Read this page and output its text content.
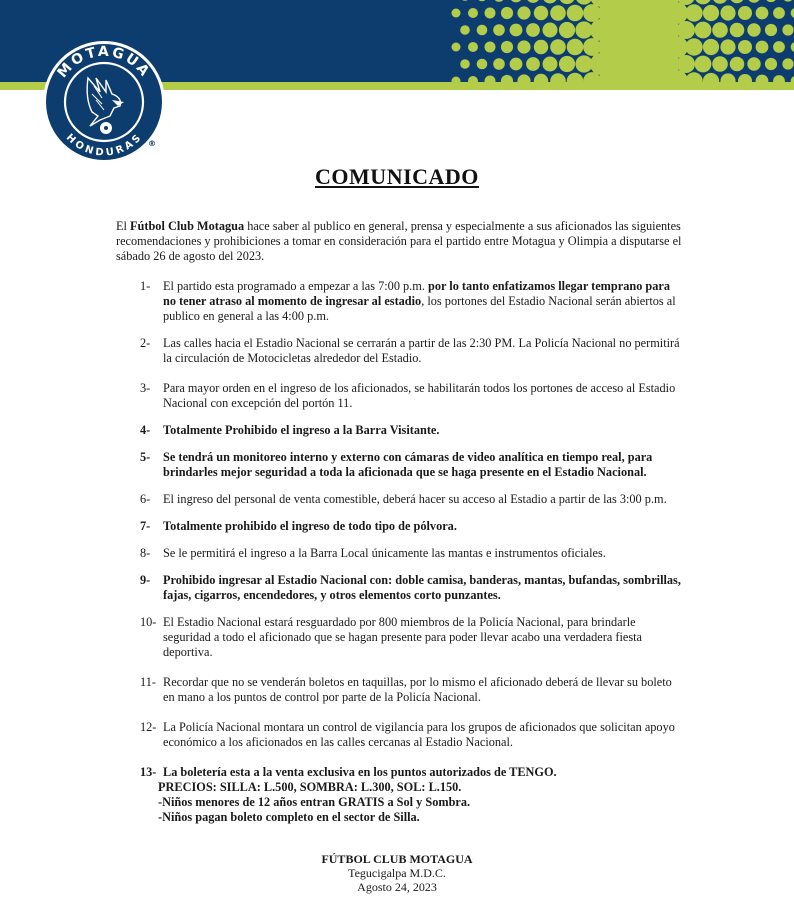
MOTAGUA
HONDURAS ®
COMUNICADO

El Fútbol Club Motagua hace saber al publico en general, prensa y especialmente a sus aficionados las siguientes recomendaciones y prohibiciones a tomar en consideración para el partido entre Motagua y Olimpia a disputarse el sábado 26 de agosto del 2023.

1- El partido esta programado a empezar a las 7:00 p.m. por lo tanto enfatizamos llegar temprano para no tener atraso al momento de ingresar al estadio, los portones del Estadio Nacional serán abiertos al publico en general a las 4:00 p.m.
2- Las calles hacia el Estadio Nacional se cerrarán a partir de las 2:30 PM. La Policía Nacional no permitirá la circulación de Motocicletas alrededor del Estadio.
3- Para mayor orden en el ingreso de los aficionados, se habilitarán todos los portones de acceso al Estadio Nacional con excepción del portón 11.
4- Totalmente Prohibido el ingreso a la Barra Visitante.
5- Se tendrá un monitoreo interno y externo con cámaras de video analítica en tiempo real, para brindarles mejor seguridad a toda la aficionada que se haga presente en el Estadio Nacional.
6- El ingreso del personal de venta comestible, deberá hacer su acceso al Estadio a partir de las 3:00 p.m.
7- Totalmente prohibido el ingreso de todo tipo de pólvora.
8- Se le permitirá el ingreso a la Barra Local únicamente las mantas e instrumentos oficiales.
9- Prohibido ingresar al Estadio Nacional con: doble camisa, banderas, mantas, bufandas, sombrillas, fajas, cigarros, encendedores, y otros elementos corto punzantes.
10- El Estadio Nacional estará resguardado por 800 miembros de la Policía Nacional, para brindarle seguridad a todo el aficionado que se hagan presente para poder llevar acabo una verdadera fiesta deportiva.
11- Recordar que no se venderán boletos en taquillas, por lo mismo el aficionado deberá de llevar su boleto en mano a los puntos de control por parte de la Policía Nacional.
12- La Policía Nacional montara un control de vigilancia para los grupos de aficionados que solicitan apoyo económico a los aficionados en las calles cercanas al Estadio Nacional.
13- La boletería esta a la venta exclusiva en los puntos autorizados de TENGO.
PRECIOS: SILLA: L.500, SOMBRA: L.300, SOL: L.150.
-Niños menores de 12 años entran GRATIS a Sol y Sombra.
-Niños pagan boleto completo en el sector de Silla.
FÚTBOL CLUB MOTAGUA
Tegucigalpa M.D.C.
Agosto 24, 2023
